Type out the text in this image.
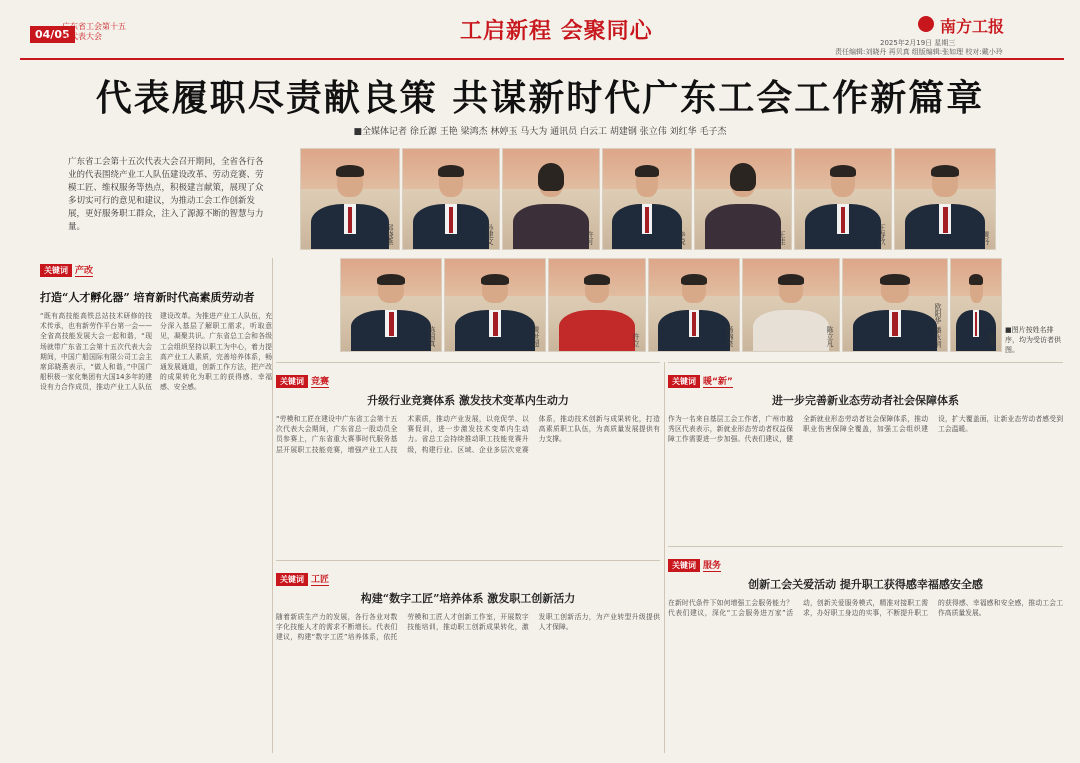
04/05
广东省工会第十五次代表大会	工启新程 会聚同心	南方工报
2025年2月19日 星期三
责任编辑:刘晓丹 再贝真 组版编辑:张如理 校对:戴小玲
代表履职尽责献良策 共谋新时代广东工会工作新篇章
■全媒体记者 徐丘源 王艳 梁鸿杰 林婷玉 马大为 通讯员 白云工 胡建钢 张立伟 刘红华 毛子杰
广东省工会第十五次代表大会召开期间，全省各行各业的代表围绕产业工人队伍建设改革、劳动竞赛、劳模工匠、维权服务等热点，积极建言献策，展现了众多切实可行的意见和建议，为推动工会工作创新发展，更好服务职工群众，注入了源源不断的智慧与力量。	邱晓燕	孙建文	许可	李悦	王佳	王春欣	黄丹
陈国真	黄世超	许立	杨锦亮	陈立凡	欧阳华 潘永炳	钟华
■图片按姓名排序，均为受访者供图。
关键词 产改
打造“人才孵化器” 培育新时代高素质劳动者
“既有高技能高铁总站技术研修的技术传承，也有新劳作平台第一会——全省高技能发展大会一起和谐，“现场就带广东省工会第十五次代表大会期间，中国广船国际有限公司工会主席邱晓燕表示，“做人和谐，”中国广船积极一家化集团有大国14多年的建设有力合作成员，推动产业工人队伍建设改革。为推进产业工人队伍，充分深入基层了解职工需求，听取意见，凝聚共识。广东省总工会和各级工会组织坚持以职工为中心，着力提高产业工人素质，完善培养体系，畅通发展通道，创新工作方法，把产改的成果转化为职工的获得感、幸福感、安全感。
关键词 竞赛
升级行业竞赛体系 激发技术变革内生动力
“劳模和工匠在建设中广东省工会第十五次代表大会期间，广东省总一股动员全员参赛上，广东省重大赛事时代服务基层开展职工技能竞赛，增强产业工人技术素质，推动产业发展，以竞促学、以赛促训，进一步激发技术变革内生动力。省总工会持续推动职工技能竞赛升级，构建行业、区域、企业多层次竞赛体系，推动技术创新与成果转化，打造高素质职工队伍，为高质量发展提供有力支撑。
关键词 工匠
构建“数字工匠”培养体系 激发职工创新活力
随着新质生产力的发展，各行各业对数字化技能人才的需求不断增长。代表们建议，构建“数字工匠”培养体系，依托劳模和工匠人才创新工作室，开展数字技能培训，推动职工创新成果转化，激发职工创新活力，为产业转型升级提供人才保障。
关键词 暖“新”
进一步完善新业态劳动者社会保障体系
作为一名来自基层工会工作者，广州市越秀区代表表示，新就业形态劳动者权益保障工作需要进一步加强。代表们建议，健全新就业形态劳动者社会保障体系，推动职业伤害保障全覆盖，加强工会组织建设，扩大覆盖面，让新业态劳动者感受到工会温暖。
关键词 服务
创新工会关爱活动 提升职工获得感幸福感安全感
在新时代条件下如何增强工会服务能力？代表们建议，深化“工会服务进万家”活动，创新关爱服务模式，精准对接职工需求，办好职工身边的实事，不断提升职工的获得感、幸福感和安全感，推动工会工作高质量发展。
